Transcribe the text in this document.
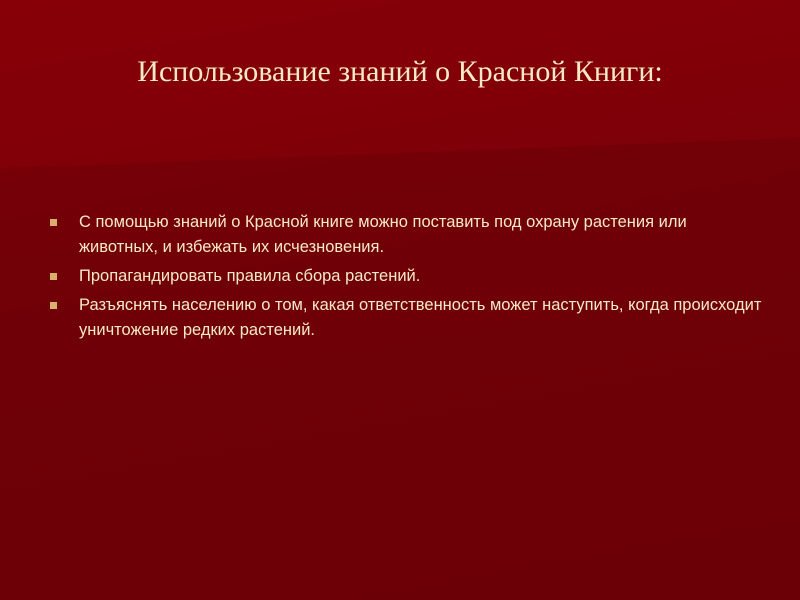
Использование знаний о Красной Книги:
С помощью знаний о Красной книге можно поставить под охрану растения или животных, и избежать их исчезновения.
Пропагандировать правила сбора растений.
Разъяснять населению о том, какая ответственность может наступить, когда происходит уничтожение редких растений.
